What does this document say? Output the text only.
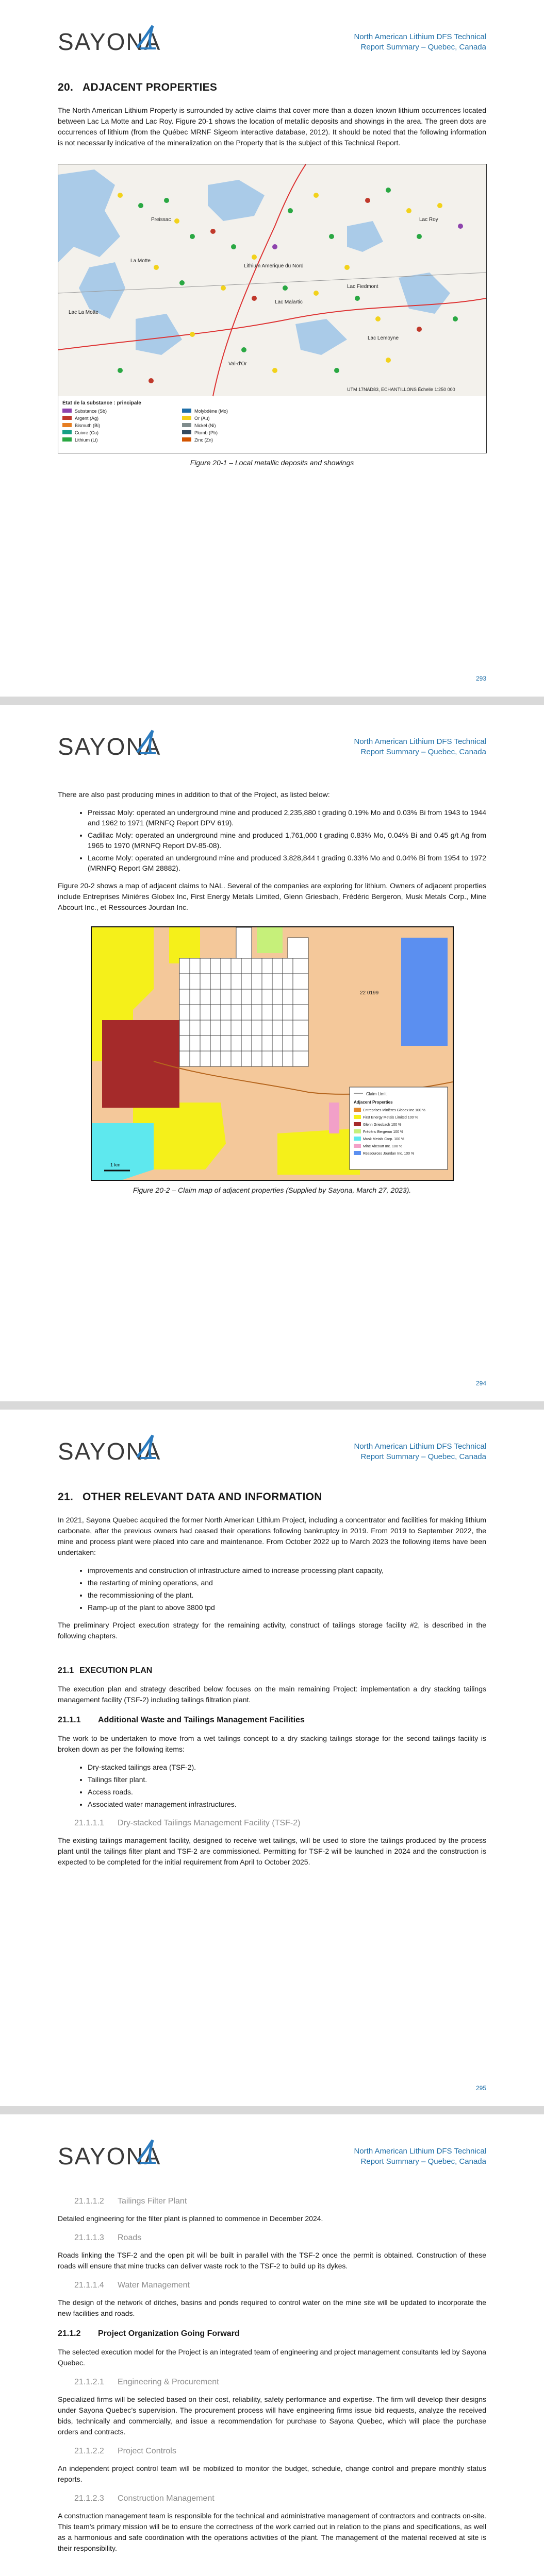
SAYONA	North American Lithium DFS Technical
Report Summary – Quebec, Canada
20. ADJACENT PROPERTIES

The North American Lithium Property is surrounded by active claims that cover more than a dozen known lithium occurrences located between Lac La Motte and Lac Roy. Figure 20-1 shows the location of metallic deposits and showings in the area. The green dots are occurrences of lithium (from the Québec MRNF Sigeom interactive database, 2012). It should be noted that the following information is not necessarily indicative of the mineralization on the Property that is the subject of this Technical Report.

Lac La Motte
Lac Roy
Val-d'Or
La Motte
Lac Malartic
Preissac
Lithium Amerique du Nord
Lac Fiedmont
Lac Lemoyne
UTM 17NAD83, ECHANTILLONS Échelle 1:250 000
État de la substance : principale
Substance (Sb)
Argent (Ag)
Bismuth (Bi)
Cuivre (Cu)
Lithium (Li)
Molybdène (Mo)
Or (Au)
Nickel (Ni)
Plomb (Pb)
Zinc (Zn)

Figure 20-1 – Local metallic deposits and showings

293
SAYONA	North American Lithium DFS Technical
Report Summary – Quebec, Canada

There are also past producing mines in addition to that of the Project, as listed below:

• Preissac Moly: operated an underground mine and produced 2,235,880 t grading 0.19% Mo and 0.03% Bi from 1943 to 1944 and 1962 to 1971 (MRNFQ Report DPV 619).
• Cadillac Moly: operated an underground mine and produced 1,761,000 t grading 0.83% Mo, 0.04% Bi and 0.45 g/t Ag from 1965 to 1970 (MRNFQ Report DV-85-08).
• Lacorne Moly: operated an underground mine and produced 3,828,844 t grading 0.33% Mo and 0.04% Bi from 1954 to 1972 (MRNFQ Report GM 28882).

Figure 20-2 shows a map of adjacent claims to NAL. Several of the companies are exploring for lithium. Owners of adjacent properties include Entreprises Minières Globex Inc, First Energy Metals Limited, Glenn Griesbach, Frédéric Bergeron, Musk Metals Corp., Mine Abcourt Inc., et Ressources Jourdan Inc.

22 0199
Claim Limit
Adjacent Properties
Entreprises Minières Globex Inc 100 %
First Energy Metals Limited 100 %
Glenn Griesbach 100 %
Frédéric Bergeron 100 %
Musk Metals Corp. 100 %
Mine Abcourt Inc. 100 %
Ressources Jourdan Inc. 100 %
1 km

Figure 20-2 – Claim map of adjacent properties (Supplied by Sayona, March 27, 2023).

294
SAYONA	North American Lithium DFS Technical
Report Summary – Quebec, Canada
21. OTHER RELEVANT DATA AND INFORMATION

In 2021, Sayona Quebec acquired the former North American Lithium Project, including a concentrator and facilities for making lithium carbonate, after the previous owners had ceased their operations following bankruptcy in 2019. From 2019 to September 2022, the mine and process plant were placed into care and maintenance. From October 2022 up to March 2023 the following items have been undertaken:

• improvements and construction of infrastructure aimed to increase processing plant capacity,
• the restarting of mining operations, and
• the recommissioning of the plant.
• Ramp-up of the plant to above 3800 tpd

The preliminary Project execution strategy for the remaining activity, construct of tailings storage facility #2, is described in the following chapters.

21.1 EXECUTION PLAN

The execution plan and strategy described below focuses on the main remaining Project: implementation a dry stacking tailings management facility (TSF-2) including tailings filtration plant.

21.1.1 Additional Waste and Tailings Management Facilities

The work to be undertaken to move from a wet tailings concept to a dry stacking tailings storage for the second tailings facility is broken down as per the following items:

• Dry-stacked tailings area (TSF-2).
• Tailings filter plant.
• Access roads.
• Associated water management infrastructures.
21.1.1.1 Dry-stacked Tailings Management Facility (TSF-2)

The existing tailings management facility, designed to receive wet tailings, will be used to store the tailings produced by the process plant until the tailings filter plant and TSF-2 are commissioned. Permitting for TSF-2 will be launched in 2024 and the construction is expected to be completed for the initial requirement from April to October 2025.

295
SAYONA	North American Lithium DFS Technical
Report Summary – Quebec, Canada
21.1.1.2 Tailings Filter Plant

Detailed engineering for the filter plant is planned to commence in December 2024.

21.1.1.3 Roads

Roads linking the TSF-2 and the open pit will be built in parallel with the TSF-2 once the permit is obtained. Construction of these roads will ensure that mine trucks can deliver waste rock to the TSF-2 to build up its dykes.

21.1.1.4 Water Management

The design of the network of ditches, basins and ponds required to control water on the mine site will be updated to incorporate the new facilities and roads.

21.1.2 Project Organization Going Forward

The selected execution model for the Project is an integrated team of engineering and project management consultants led by Sayona Quebec.

21.1.2.1 Engineering & Procurement

Specialized firms will be selected based on their cost, reliability, safety performance and expertise. The firm will develop their designs under Sayona Quebec’s supervision. The procurement process will have engineering firms issue bid requests, analyze the received bids, technically and commercially, and issue a recommendation for purchase to Sayona Quebec, which will place the purchase orders and contracts.

21.1.2.2 Project Controls

An independent project control team will be mobilized to monitor the budget, schedule, change control and prepare monthly status reports.

21.1.2.3 Construction Management

A construction management team is responsible for the technical and administrative management of contractors and contracts on-site. This team’s primary mission will be to ensure the correctness of the work carried out in relation to the plans and specifications, as well as a harmonious and safe coordination with the operations activities of the plant. The management of the material received at site is their responsibility.
